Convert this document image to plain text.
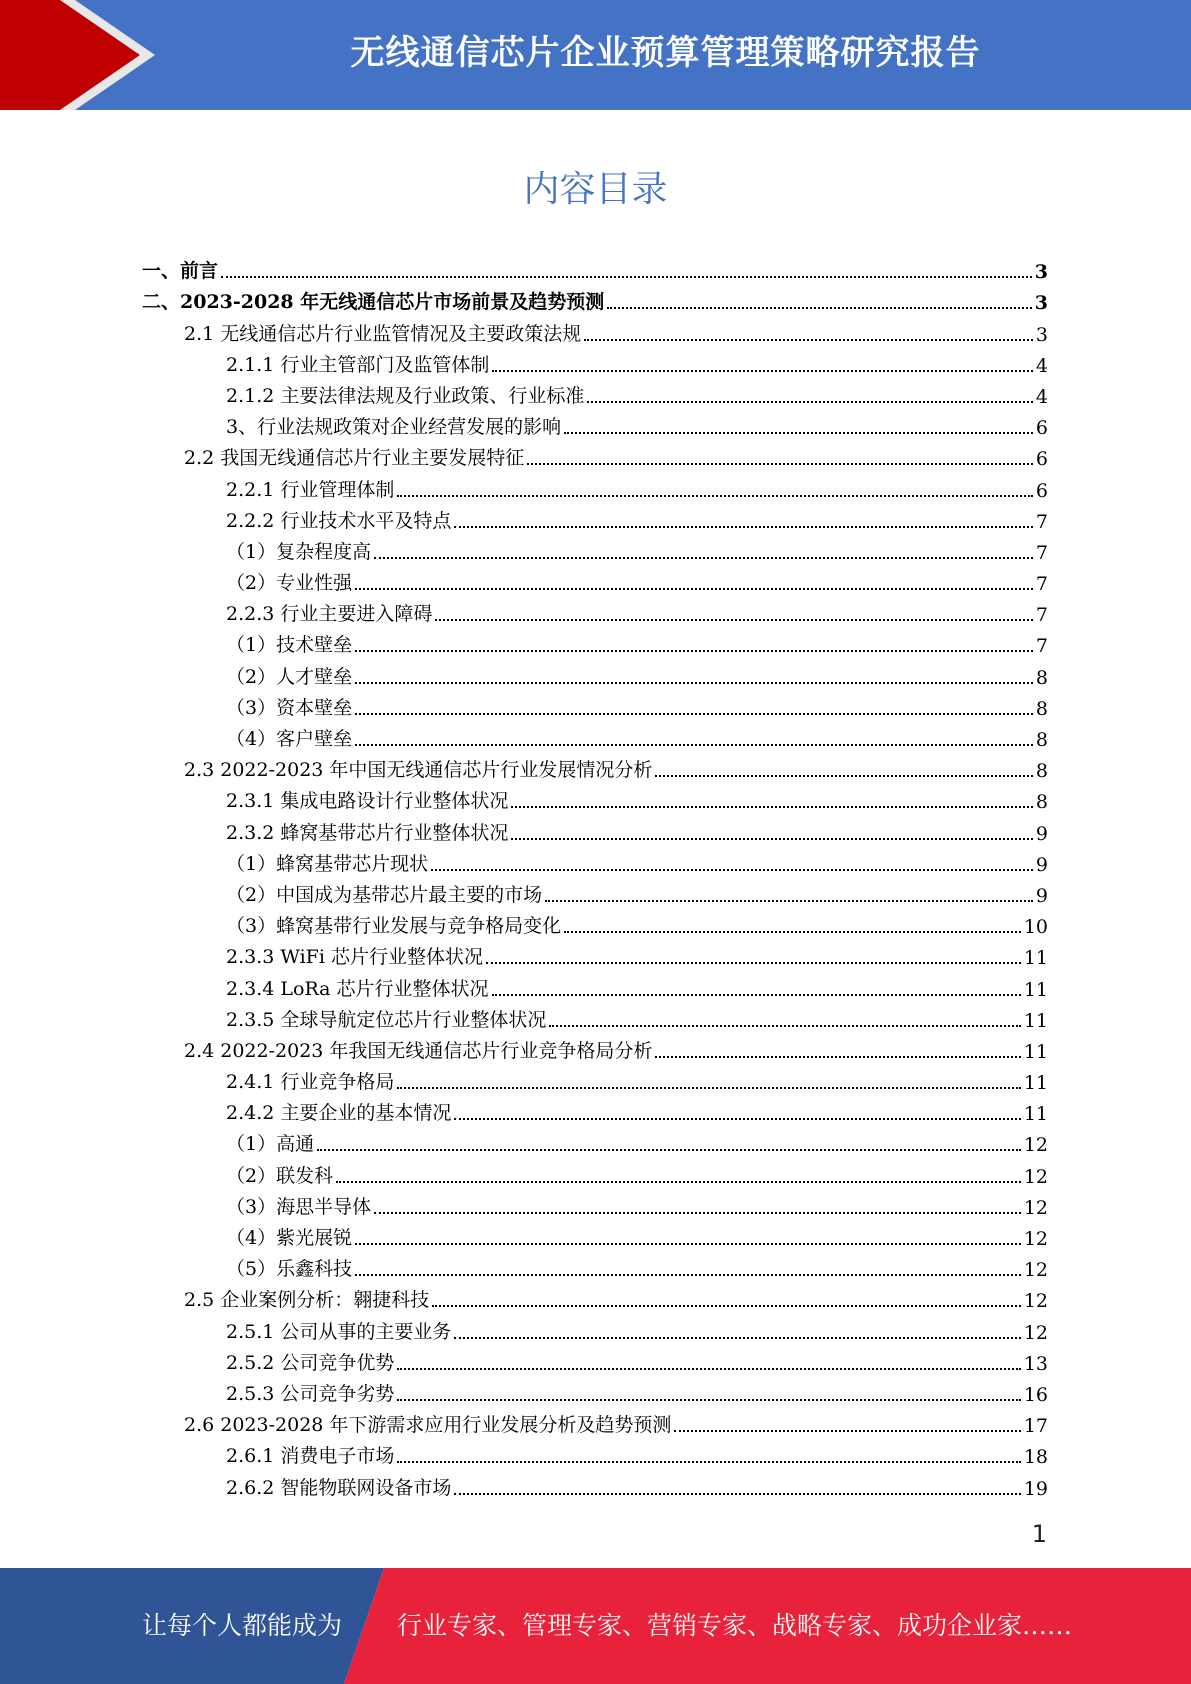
无线通信芯片企业预算管理策略研究报告
内容目录
一、前言	3
二、2023-2028 年无线通信芯片市场前景及趋势预测	3
2.1 无线通信芯片行业监管情况及主要政策法规	3
2.1.1 行业主管部门及监管体制	4
2.1.2 主要法律法规及行业政策、行业标准	4
3、行业法规政策对企业经营发展的影响	6
2.2 我国无线通信芯片行业主要发展特征	6
2.2.1 行业管理体制	6
2.2.2 行业技术水平及特点	7
（1）复杂程度高	7
（2）专业性强	7
2.2.3 行业主要进入障碍	7
（1）技术壁垒	7
（2）人才壁垒	8
（3）资本壁垒	8
（4）客户壁垒	8
2.3 2022-2023 年中国无线通信芯片行业发展情况分析	8
2.3.1 集成电路设计行业整体状况	8
2.3.2 蜂窝基带芯片行业整体状况	9
（1）蜂窝基带芯片现状	9
（2）中国成为基带芯片最主要的市场	9
（3）蜂窝基带行业发展与竞争格局变化	10
2.3.3 WiFi 芯片行业整体状况	11
2.3.4 LoRa 芯片行业整体状况	11
2.3.5 全球导航定位芯片行业整体状况	11
2.4 2022-2023 年我国无线通信芯片行业竞争格局分析	11
2.4.1 行业竞争格局	11
2.4.2 主要企业的基本情况	11
（1）高通	12
（2）联发科	12
（3）海思半导体	12
（4）紫光展锐	12
（5）乐鑫科技	12
2.5 企业案例分析：翱捷科技	12
2.5.1 公司从事的主要业务	12
2.5.2 公司竞争优势	13
2.5.3 公司竞争劣势	16
2.6 2023-2028 年下游需求应用行业发展分析及趋势预测	17
2.6.1 消费电子市场	18
2.6.2 智能物联网设备市场	19
1
让每个人都能成为 行业专家、管理专家、营销专家、战略专家、成功企业家……
